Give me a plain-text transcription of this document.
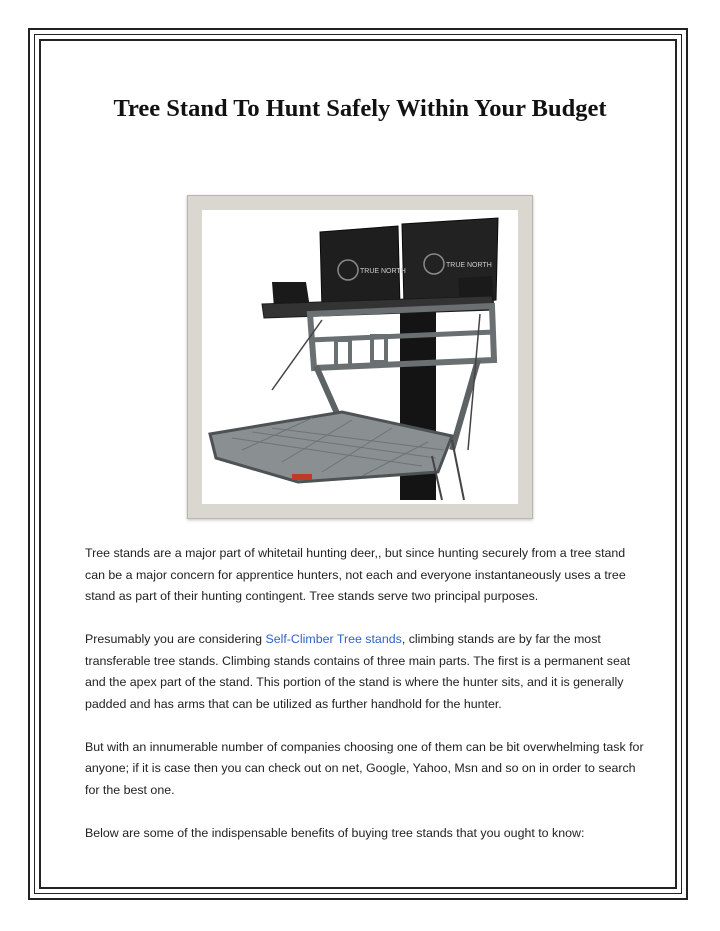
Tree Stand To Hunt Safely Within Your Budget
TRUE NORTH
TRUE NORTH

Tree stands are a major part of whitetail hunting deer,, but since hunting securely from a tree stand can be a major concern for apprentice hunters, not each and everyone instantaneously uses a tree stand as part of their hunting contingent. Tree stands serve two principal purposes.

Presumably you are considering Self-Climber Tree stands, climbing stands are by far the most transferable tree stands. Climbing stands contains of three main parts. The first is a permanent seat and the apex part of the stand. This portion of the stand is where the hunter sits, and it is generally padded and has arms that can be utilized as further handhold for the hunter.

But with an innumerable number of companies choosing one of them can be bit overwhelming task for anyone; if it is case then you can check out on net, Google, Yahoo, Msn and so on in order to search for the best one.

Below are some of the indispensable benefits of buying tree stands that you ought to know:
